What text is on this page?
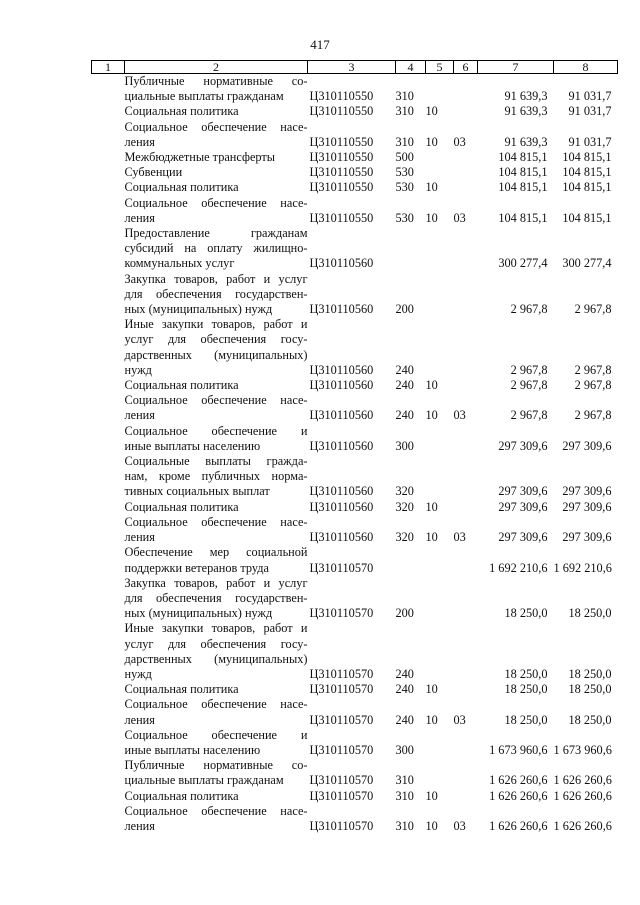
417
1	2	3	4	5	6	7	8

	Публичные нормативные со-
циальные выплаты гражданам	Ц310110550	310			91 639,3	91 031,7

	Социальная политика	Ц310110550	310	10		91 639,3	91 031,7

	Социальное обеспечение насе-
ления	Ц310110550	310	10	03	91 639,3	91 031,7

	Межбюджетные трансферты	Ц310110550	500			104 815,1	104 815,1

	Субвенции	Ц310110550	530			104 815,1	104 815,1

	Социальная политика	Ц310110550	530	10		104 815,1	104 815,1

	Социальное обеспечение насе-
ления	Ц310110550	530	10	03	104 815,1	104 815,1

	Предоставление гражданам
субсидий на оплату жилищно-
коммунальных услуг	Ц310110560				300 277,4	300 277,4

	Закупка товаров, работ и услуг
для обеспечения государствен-
ных (муниципальных) нужд	Ц310110560	200			2 967,8	2 967,8

	Иные закупки товаров, работ и
услуг для обеспечения госу-
дарственных (муниципальных)
нужд	Ц310110560	240			2 967,8	2 967,8

	Социальная политика	Ц310110560	240	10		2 967,8	2 967,8

	Социальное обеспечение насе-
ления	Ц310110560	240	10	03	2 967,8	2 967,8

	Социальное обеспечение и
иные выплаты населению	Ц310110560	300			297 309,6	297 309,6

	Социальные выплаты гражда-
нам, кроме публичных норма-
тивных социальных выплат	Ц310110560	320			297 309,6	297 309,6

	Социальная политика	Ц310110560	320	10		297 309,6	297 309,6

	Социальное обеспечение насе-
ления	Ц310110560	320	10	03	297 309,6	297 309,6

	Обеспечение мер социальной
поддержки ветеранов труда	Ц310110570				1 692 210,6	1 692 210,6

	Закупка товаров, работ и услуг
для обеспечения государствен-
ных (муниципальных) нужд	Ц310110570	200			18 250,0	18 250,0

	Иные закупки товаров, работ и
услуг для обеспечения госу-
дарственных (муниципальных)
нужд	Ц310110570	240			18 250,0	18 250,0

	Социальная политика	Ц310110570	240	10		18 250,0	18 250,0

	Социальное обеспечение насе-
ления	Ц310110570	240	10	03	18 250,0	18 250,0

	Социальное обеспечение и
иные выплаты населению	Ц310110570	300			1 673 960,6	1 673 960,6

	Публичные нормативные со-
циальные выплаты гражданам	Ц310110570	310			1 626 260,6	1 626 260,6

	Социальная политика	Ц310110570	310	10		1 626 260,6	1 626 260,6

	Социальное обеспечение насе-
ления	Ц310110570	310	10	03	1 626 260,6	1 626 260,6
